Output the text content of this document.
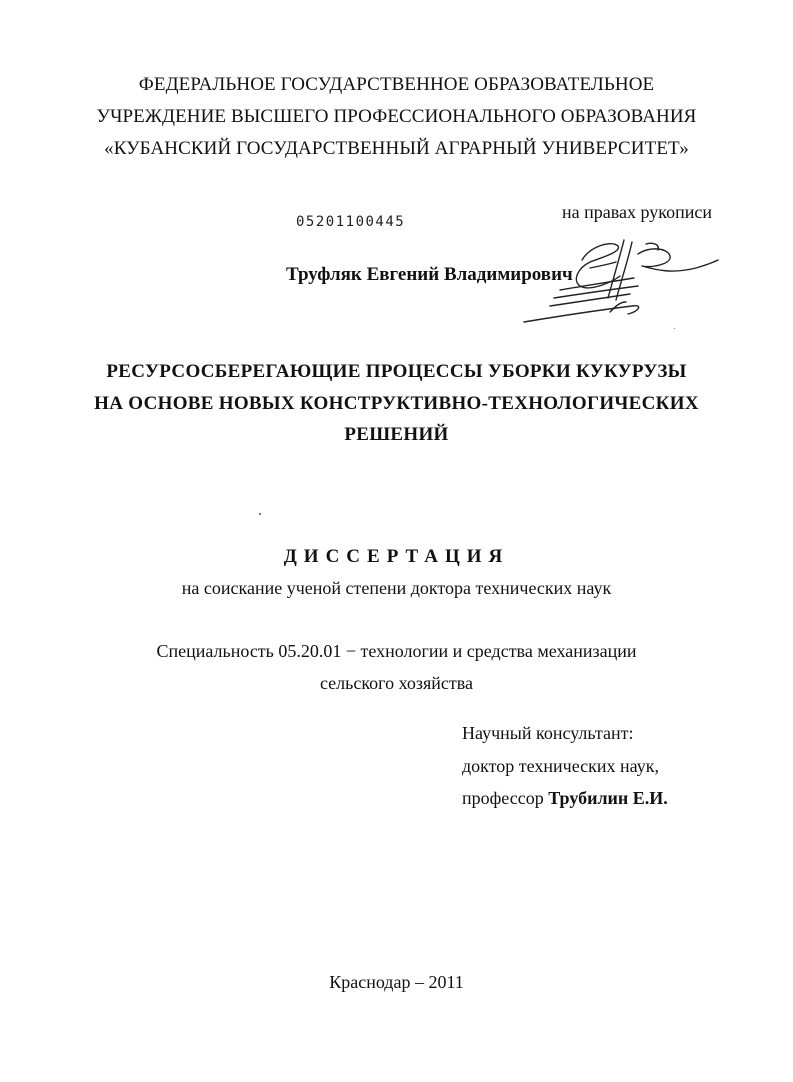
ФЕДЕРАЛЬНОЕ ГОСУДАРСТВЕННОЕ ОБРАЗОВАТЕЛЬНОЕ
УЧРЕЖДЕНИЕ ВЫСШЕГО ПРОФЕССИОНАЛЬНОГО ОБРАЗОВАНИЯ
«КУБАНСКИЙ ГОСУДАРСТВЕННЫЙ АГРАРНЫЙ УНИВЕРСИТЕТ»
05201100445	на правах рукописи
Труфляк Евгений Владимирович
РЕСУРСОСБЕРЕГАЮЩИЕ ПРОЦЕССЫ УБОРКИ КУКУРУЗЫ
НА ОСНОВЕ НОВЫХ КОНСТРУКТИВНО-ТЕХНОЛОГИЧЕСКИХ
РЕШЕНИЙ
ДИССЕРТАЦИЯ
на соискание ученой степени доктора технических наук
Специальность 05.20.01 − технологии и средства механизации
сельского хозяйства
Научный консультант:
доктор технических наук,
профессор Трубилин Е.И.
Краснодар – 2011
